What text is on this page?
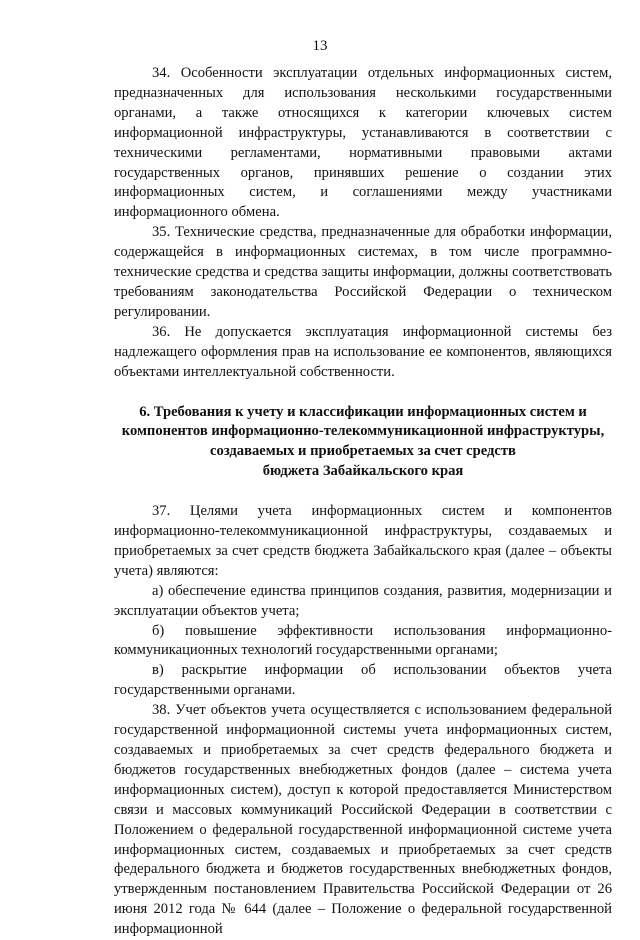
13

34. Особенности эксплуатации отдельных информационных систем, предназначенных для использования несколькими государственными органами, а также относящихся к категории ключевых систем информационной инфраструктуры, устанавливаются в соответствии с техническими регламентами, нормативными правовыми актами государственных органов, принявших решение о создании этих информационных систем, и соглашениями между участниками информационного обмена.

35. Технические средства, предназначенные для обработки информации, содержащейся в информационных системах, в том числе программно-технические средства и средства защиты информации, должны соответствовать требованиям законодательства Российской Федерации о техническом регулировании.

36. Не допускается эксплуатация информационной системы без надлежащего оформления прав на использование ее компонентов, являющихся объектами интеллектуальной собственности.

6. Требования к учету и классификации информационных систем и
компонентов информационно-телекоммуникационной инфраструктуры,
создаваемых и приобретаемых за счет средств
бюджета Забайкальского края

37. Целями учета информационных систем и компонентов информационно-телекоммуникационной инфраструктуры, создаваемых и приобретаемых за счет средств бюджета Забайкальского края (далее – объекты учета) являются:

а) обеспечение единства принципов создания, развития, модернизации и эксплуатации объектов учета;

б) повышение эффективности использования информационно-коммуникационных технологий государственными органами;

в) раскрытие информации об использовании объектов учета государственными органами.

38. Учет объектов учета осуществляется с использованием федеральной государственной информационной системы учета информационных систем, создаваемых и приобретаемых за счет средств федерального бюджета и бюджетов государственных внебюджетных фондов (далее – система учета информационных систем), доступ к которой предоставляется Министерством связи и массовых коммуникаций Российской Федерации в соответствии с Положением о федеральной государственной информационной системе учета информационных систем, создаваемых и приобретаемых за счет средств федерального бюджета и бюджетов государственных внебюджетных фондов, утвержденным постановлением Правительства Российской Федерации от 26 июня 2012 года № 644 (далее – Положение о федеральной государственной информационной
